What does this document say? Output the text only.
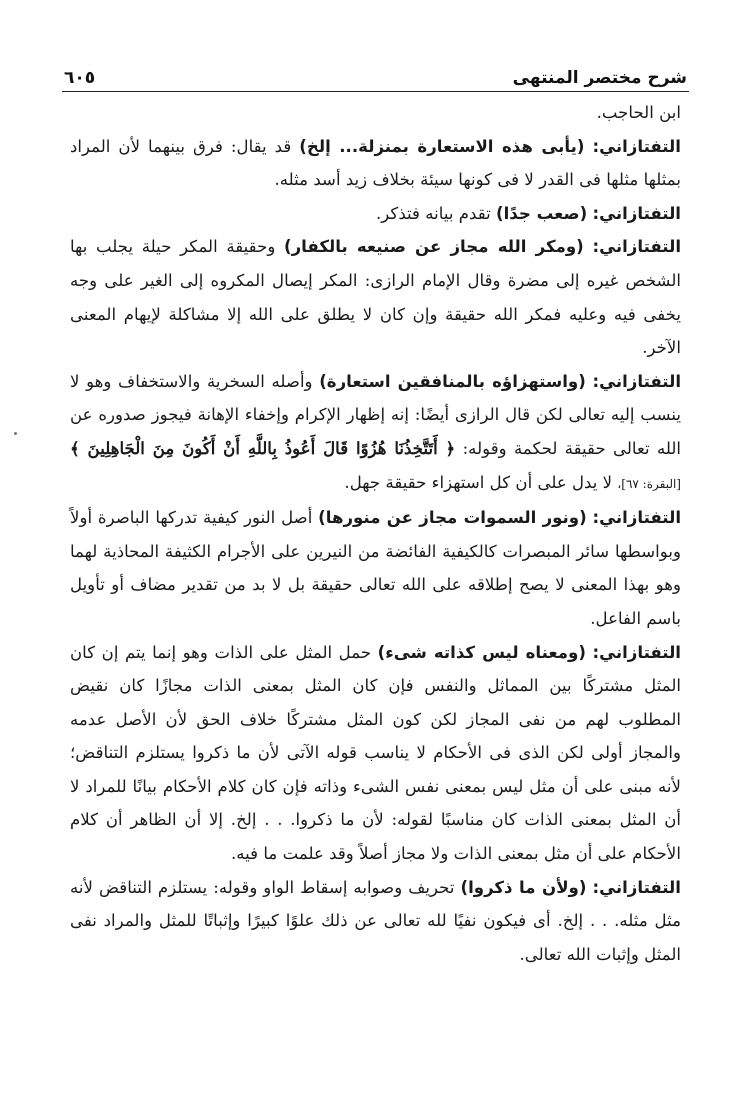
شرح مختصر المنتهى
٦٠٥

ابن الحاجب.

التفتازاني: (يأبى هذه الاستعارة بمنزلة... إلخ) قد يقال: فرق بينهما لأن المراد بمثلها مثلها فى القدر لا فى كونها سيئة بخلاف زيد أسد مثله.

التفتازاني: (صعب جدًا) تقدم بيانه فتذكر.

التفتازاني: (ومكر الله مجاز عن صنيعه بالكفار) وحقيقة المكر حيلة يجلب بها الشخص غيره إلى مضرة وقال الإمام الرازى: المكر إيصال المكروه إلى الغير على وجه يخفى فيه وعليه فمكر الله حقيقة وإن كان لا يطلق على الله إلا مشاكلة لإيهام المعنى الآخر.

التفتازاني: (واستهزاؤه بالمنافقين استعارة) وأصله السخرية والاستخفاف وهو لا ينسب إليه تعالى لكن قال الرازى أيضًا: إنه إظهار الإكرام وإخفاء الإهانة فيجوز صدوره عن الله تعالى حقيقة لحكمة وقوله: ﴿ أَتَتَّخِذُنَا هُزُوًا قَالَ أَعُوذُ بِاللَّهِ أَنْ أَكُونَ مِنَ الْجَاهِلِينَ ﴾ [البقرة: ٦٧]، لا يدل على أن كل استهزاء حقيقة جهل.

التفتازاني: (ونور السموات مجاز عن منورها) أصل النور كيفية تدركها الباصرة أولاً وبواسطها سائر المبصرات كالكيفية الفائضة من النيرين على الأجرام الكثيفة المحاذية لهما وهو بهذا المعنى لا يصح إطلاقه على الله تعالى حقيقة بل لا بد من تقدير مضاف أو تأويل باسم الفاعل.

التفتازاني: (ومعناه ليس كذاته شىء) حمل المثل على الذات وهو إنما يتم إن كان المثل مشتركًا بين المماثل والنفس فإن كان المثل بمعنى الذات مجازًا كان نقيض المطلوب لهم من نفى المجاز لكن كون المثل مشتركًا خلاف الحق لأن الأصل عدمه والمجاز أولى لكن الذى فى الأحكام لا يناسب قوله الآتى لأن ما ذكروا يستلزم التناقض؛ لأنه مبنى على أن مثل ليس بمعنى نفس الشىء وذاته فإن كان كلام الأحكام بيانًا للمراد لا أن المثل بمعنى الذات كان مناسبًا لقوله: لأن ما ذكروا. . . إلخ. إلا أن الظاهر أن كلام الأحكام على أن مثل بمعنى الذات ولا مجاز أصلاً وقد علمت ما فيه.

التفتازاني: (ولأن ما ذكروا) تحريف وصوابه إسقاط الواو وقوله: يستلزم التناقض لأنه مثل مثله. . . إلخ. أى فيكون نفيًا لله تعالى عن ذلك علوًا كبيرًا وإثباتًا للمثل والمراد نفى المثل وإثبات الله تعالى.
